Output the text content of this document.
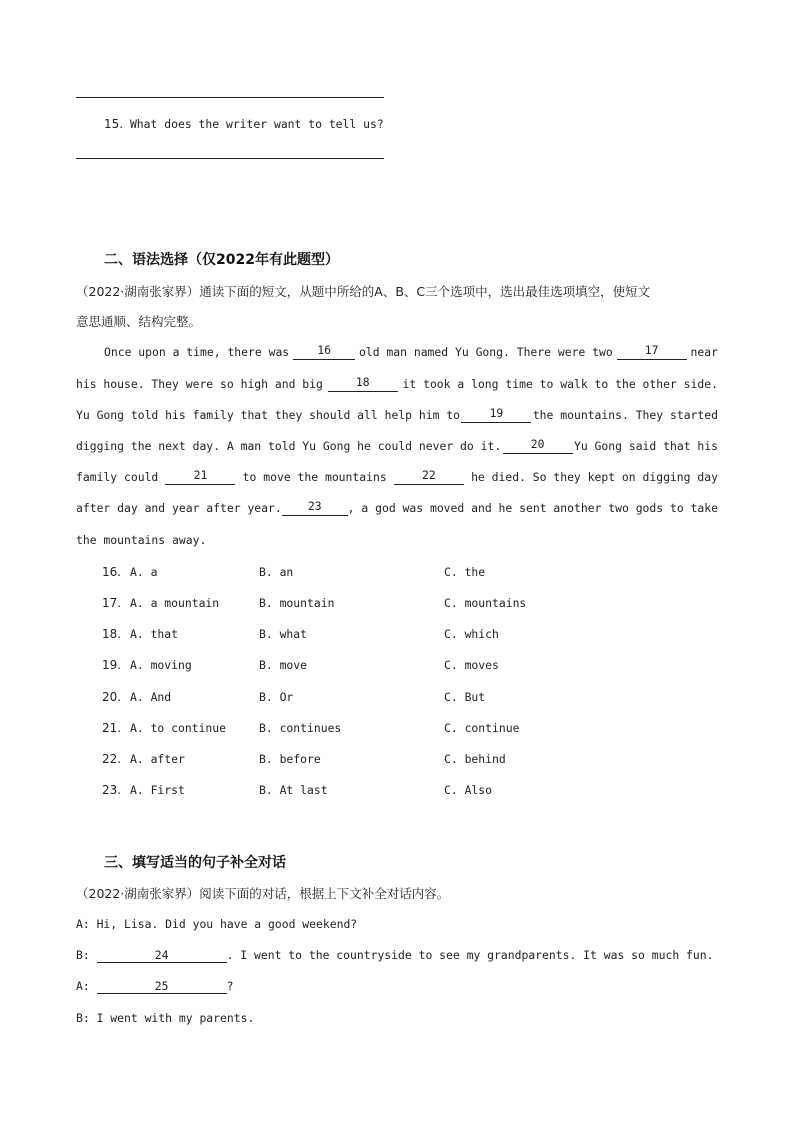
15. What does the writer want to tell us?
二、语法选择（仅2022年有此题型）
（2022·湖南张家界）通读下面的短文，从题中所给的A、B、C三个选项中，选出最佳选项填空，使短文
意思通顺、结构完整。
Once upon a time, there was	16	old man named Yu Gong. There were two	17	near
his house. They were so high and big	18	it took a long time to walk to the other side.
Yu Gong told his family that they should all help him to	19	the mountains. They started
digging the next day. A man told Yu Gong he could never do it.	20	Yu Gong said that his
family could	21	to move the mountains	22	he died. So they kept on digging day
after day and year after year.	23	, a god was moved and he sent another two gods to take
the mountains away.
16. A. a	B. an	C. the
17. A. a mountain	B. mountain	C. mountains
18. A. that	B. what	C. which
19. A. moving	B. move	C. moves
20. A. And	B. Or	C. But
21. A. to continue	B. continues	C. continue
22. A. after	B. before	C. behind
23. A. First	B. At last	C. Also
三、填写适当的句子补全对话
（2022·湖南张家界）阅读下面的对话，根据上下文补全对话内容。
A: Hi, Lisa. Did you have a good weekend?
B:	24	. I went to the countryside to see my grandparents. It was so much fun.
A:	25	?
B: I went with my parents.
